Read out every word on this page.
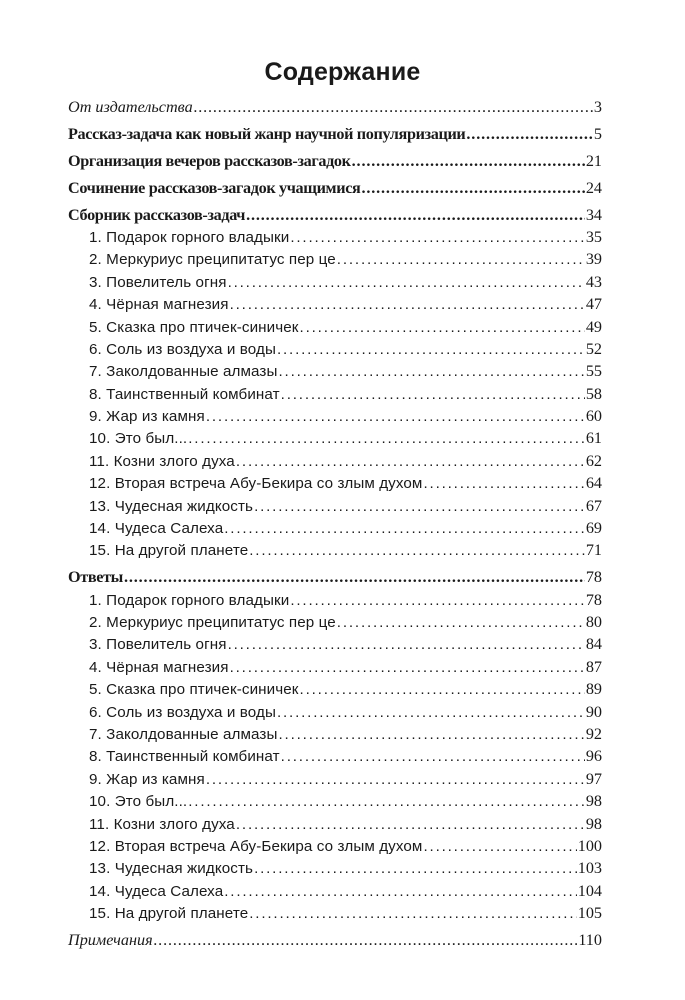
Содержание
От издательства . . .	3
Рассказ-задача как новый жанр научной популяризации . . .	5
Организация вечеров рассказов-загадок . . .	21
Сочинение рассказов-загадок учащимися . . .	24
Сборник рассказов-задач . . .	34
1. Подарок горного владыки . . .	35
2. Меркуриус преципитатус пер це . . .	39
3. Повелитель огня . . .	43
4. Чёрная магнезия . . .	47
5. Сказка про птичек-синичек . . .	49
6. Соль из воздуха и воды . . .	52
7. Заколдованные алмазы . . .	55
8. Таинственный комбинат . . .	58
9. Жар из камня . . .	60
10. Это был... . . .	61
11. Козни злого духа . . .	62
12. Вторая встреча Абу-Бекира со злым духом . . .	64
13. Чудесная жидкость . . .	67
14. Чудеса Салеха . . .	69
15. На другой планете . . .	71
Ответы . . .	78
1. Подарок горного владыки . . .	78
2. Меркуриус преципитатус пер це . . .	80
3. Повелитель огня . . .	84
4. Чёрная магнезия . . .	87
5. Сказка про птичек-синичек . . .	89
6. Соль из воздуха и воды . . .	90
7. Заколдованные алмазы . . .	92
8. Таинственный комбинат . . .	96
9. Жар из камня . . .	97
10. Это был... . . .	98
11. Козни злого духа . . .	98
12. Вторая встреча Абу-Бекира со злым духом . . .	100
13. Чудесная жидкость . . .	103
14. Чудеса Салеха . . .	104
15. На другой планете . . .	105
Примечания . . .	110
